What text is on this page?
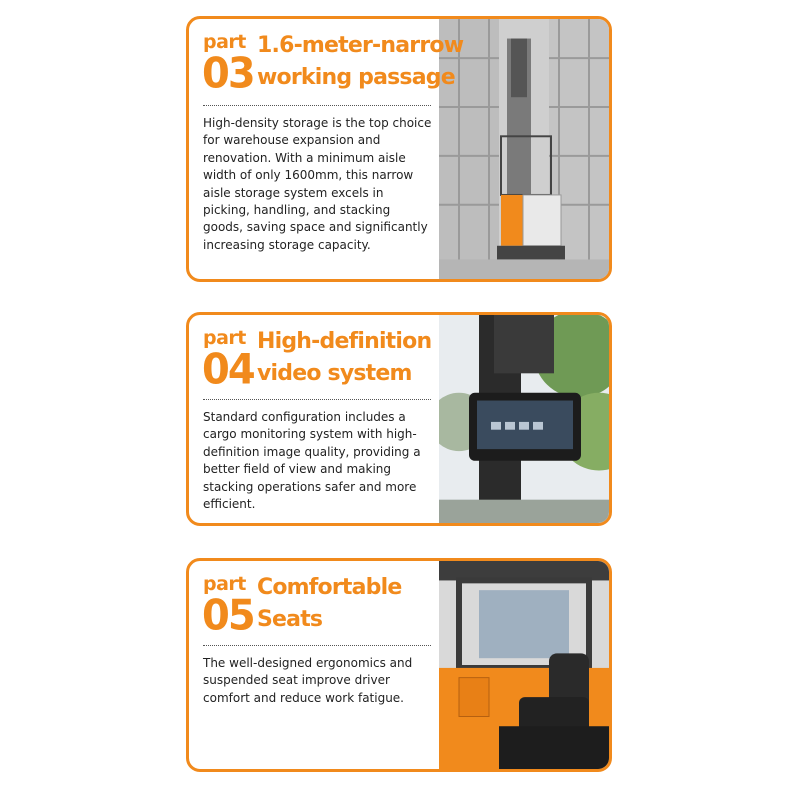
part
03
1.6-meter-narrow
working passage
High-density storage is the top choice for warehouse expansion and renovation. With a minimum aisle width of only 1600mm, this narrow aisle storage system excels in picking, handling, and stacking goods, saving space and significantly increasing storage capacity.
part
04
High-definition
video system
Standard configuration includes a cargo monitoring system with high-definition image quality, providing a better field of view and making stacking operations safer and more efficient.
part
05
Comfortable
Seats
The well-designed ergonomics and suspended seat improve driver comfort and reduce work fatigue.
